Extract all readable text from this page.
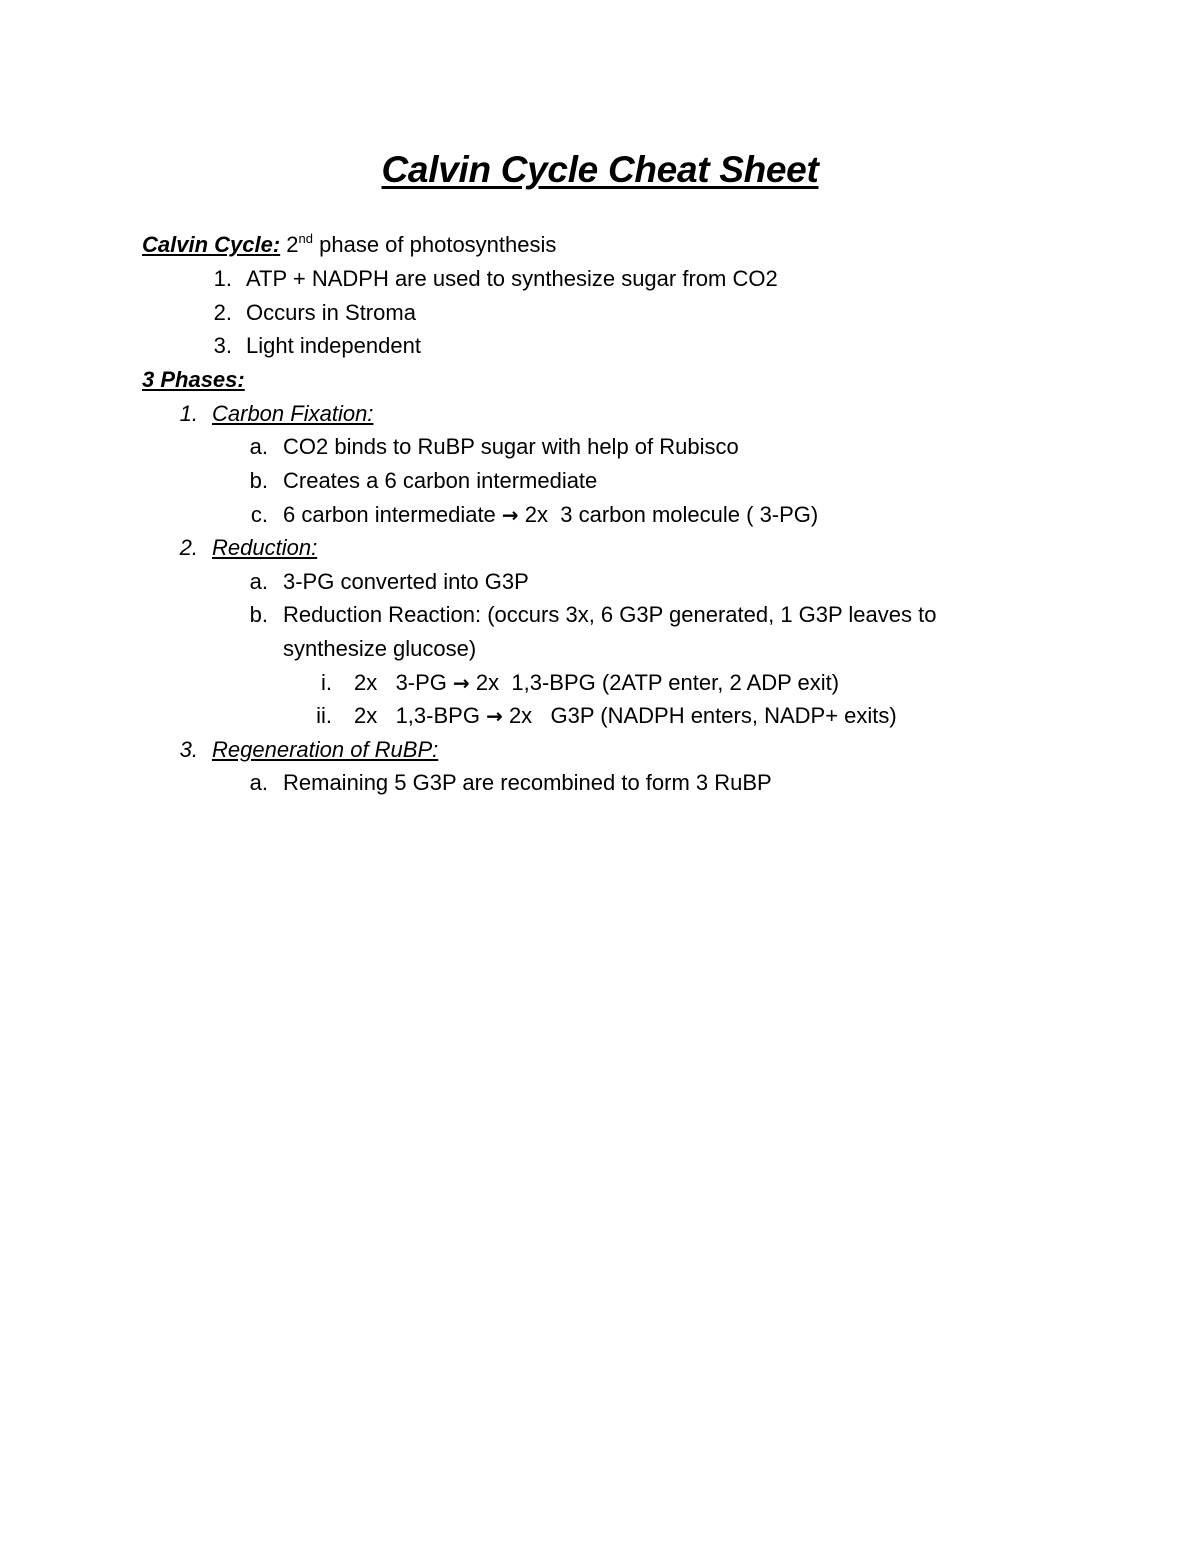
Calvin Cycle Cheat Sheet
Calvin Cycle: 2nd phase of photosynthesis
1. ATP + NADPH are used to synthesize sugar from CO2
2. Occurs in Stroma
3. Light independent
3 Phases:
1. Carbon Fixation:
a. CO2 binds to RuBP sugar with help of Rubisco
b. Creates a 6 carbon intermediate
c. 6 carbon intermediate → 2x  3 carbon molecule ( 3-PG)
2. Reduction:
a. 3-PG converted into G3P
b. Reduction Reaction: (occurs 3x, 6 G3P generated, 1 G3P leaves to
synthesize glucose)
i. 2x   3-PG → 2x  1,3-BPG (2ATP enter, 2 ADP exit)
ii. 2x   1,3-BPG → 2x   G3P (NADPH enters, NADP+ exits)
3. Regeneration of RuBP:
a. Remaining 5 G3P are recombined to form 3 RuBP
